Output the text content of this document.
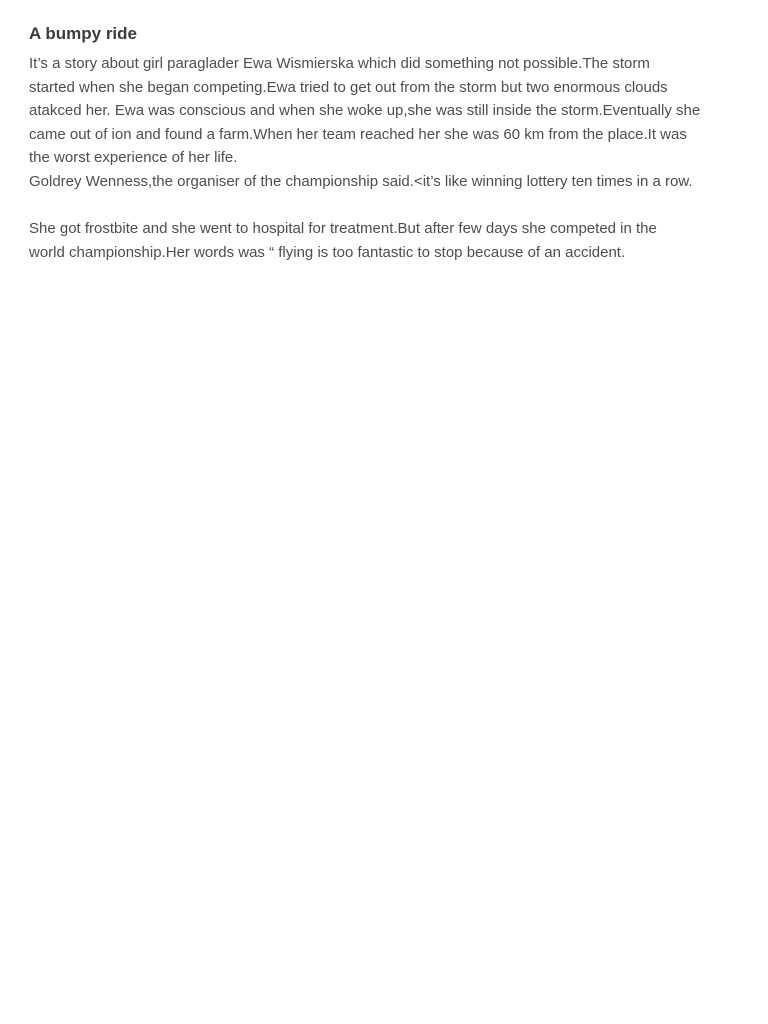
A bumpy ride

It’s a story about girl paraglader Ewa Wismierska which did something not possible.The storm

started when she began competing.Ewa tried to get out from the storm but two enormous clouds

atakced her. Ewa was conscious and when she woke up,she was still inside the storm.Eventually she

came out of ion and found a farm.When her team reached her she was 60 km from the place.It was

the worst experience of her life.

Goldrey Wenness,the organiser of the championship said.<it’s like winning lottery ten times in a row.

She got frostbite and she went to hospital for treatment.But after few days she competed in the

world championship.Her words was “ flying is too fantastic to stop because of an accident.
